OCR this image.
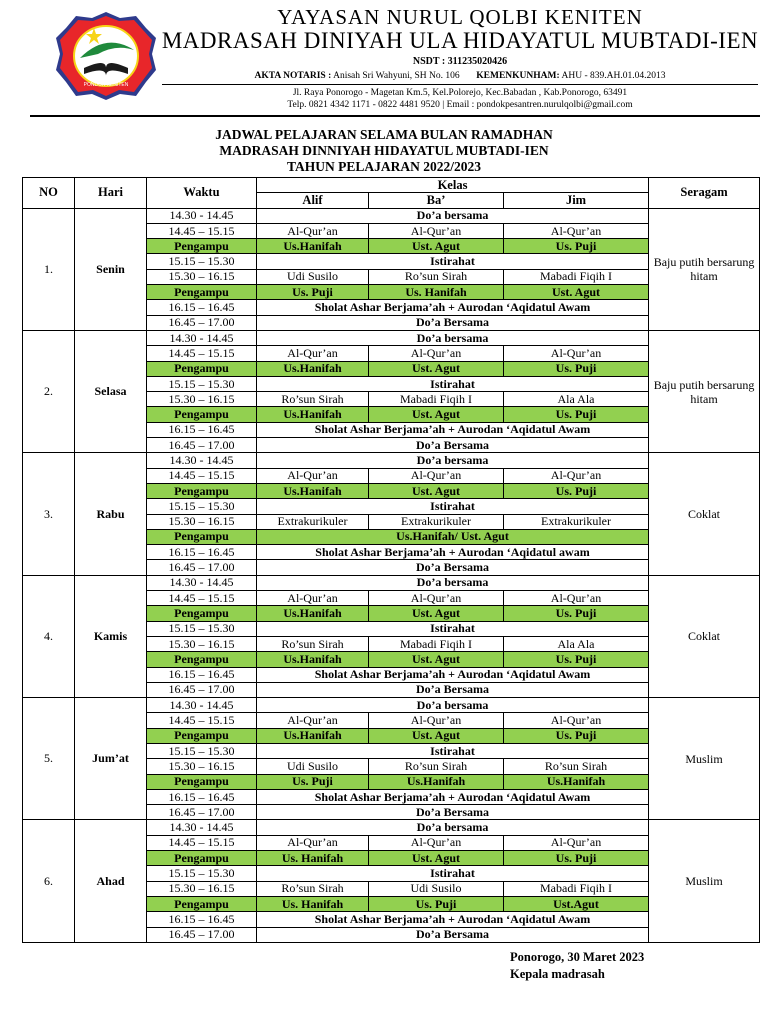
PONDOK KENITEN
YAYASAN NURUL QOLBI KENITEN
MADRASAH DINIYAH ULA HIDAYATUL MUBTADI-IEN
NSDT : 311235020426
AKTA NOTARIS : Anisah Sri Wahyuni, SH No. 106 KEMENKUNHAM: AHU - 839.AH.01.04.2013
Jl. Raya Ponorogo - Magetan Km.5, Kel.Polorejo, Kec.Babadan , Kab.Ponorogo, 63491
Telp. 0821 4342 1171 - 0822 4481 9520 | Email : pondokpesantren.nurulqolbi@gmail.com
JADWAL PELAJARAN SELAMA BULAN RAMADHAN
MADRASAH DINNIYAH HIDAYATUL MUBTADI-IEN
TAHUN PELAJARAN 2022/2023
NO	Hari	Waktu	Kelas			Seragam
			Alif	Ba’	Jim	
1.	Senin	14.30 - 14.45	Do’a bersama			Baju putih bersarung hitam
		14.45 – 15.15	Al-Qur’an	Al-Qur’an	Al-Qur’an	
		Pengampu	Us.Hanifah	Ust. Agut	Us. Puji	
		15.15 – 15.30	Istirahat			
		15.30 – 16.15	Udi Susilo	Ro’sun Sirah	Mabadi Fiqih I	
		Pengampu	Us. Puji	Us. Hanifah	Ust. Agut	
		16.15 – 16.45	Sholat Ashar Berjama’ah + Aurodan ‘Aqidatul Awam			
		16.45 – 17.00	Do’a Bersama			
2.	Selasa	14.30 - 14.45	Do’a bersama			Baju putih bersarung hitam
		14.45 – 15.15	Al-Qur’an	Al-Qur’an	Al-Qur’an	
		Pengampu	Us.Hanifah	Ust. Agut	Us. Puji	
		15.15 – 15.30	Istirahat			
		15.30 – 16.15	Ro’sun Sirah	Mabadi Fiqih I	Ala Ala	
		Pengampu	Us.Hanifah	Ust. Agut	Us. Puji	
		16.15 – 16.45	Sholat Ashar Berjama’ah + Aurodan ‘Aqidatul Awam			
		16.45 – 17.00	Do’a Bersama			
3.	Rabu	14.30 - 14.45	Do’a bersama			Coklat
		14.45 – 15.15	Al-Qur’an	Al-Qur’an	Al-Qur’an	
		Pengampu	Us.Hanifah	Ust. Agut	Us. Puji	
		15.15 – 15.30	Istirahat			
		15.30 – 16.15	Extrakurikuler	Extrakurikuler	Extrakurikuler	
		Pengampu	Us.Hanifah/ Ust. Agut			
		16.15 – 16.45	Sholat Ashar Berjama’ah + Aurodan ‘Aqidatul awam			
		16.45 – 17.00	Do’a Bersama			
4.	Kamis	14.30 - 14.45	Do’a bersama			Coklat
		14.45 – 15.15	Al-Qur’an	Al-Qur’an	Al-Qur’an	
		Pengampu	Us.Hanifah	Ust. Agut	Us. Puji	
		15.15 – 15.30	Istirahat			
		15.30 – 16.15	Ro’sun Sirah	Mabadi Fiqih I	Ala Ala	
		Pengampu	Us.Hanifah	Ust. Agut	Us. Puji	
		16.15 – 16.45	Sholat Ashar Berjama’ah + Aurodan ‘Aqidatul Awam			
		16.45 – 17.00	Do’a Bersama			
5.	Jum’at	14.30 - 14.45	Do’a bersama			Muslim
		14.45 – 15.15	Al-Qur’an	Al-Qur’an	Al-Qur’an	
		Pengampu	Us.Hanifah	Ust. Agut	Us. Puji	
		15.15 – 15.30	Istirahat			
		15.30 – 16.15	Udi Susilo	Ro’sun Sirah	Ro’sun Sirah	
		Pengampu	Us. Puji	Us.Hanifah	Us.Hanifah	
		16.15 – 16.45	Sholat Ashar Berjama’ah + Aurodan ‘Aqidatul Awam			
		16.45 – 17.00	Do’a Bersama			
6.	Ahad	14.30 - 14.45	Do’a bersama			Muslim
		14.45 – 15.15	Al-Qur’an	Al-Qur’an	Al-Qur’an	
		Pengampu	Us. Hanifah	Ust. Agut	Us. Puji	
		15.15 – 15.30	Istirahat			
		15.30 – 16.15	Ro’sun Sirah	Udi Susilo	Mabadi Fiqih I	
		Pengampu	Us. Hanifah	Us. Puji	Ust.Agut	
		16.15 – 16.45	Sholat Ashar Berjama’ah + Aurodan ‘Aqidatul Awam			
		16.45 – 17.00	Do’a Bersama			
Ponorogo, 30 Maret 2023
Kepala madrasah
